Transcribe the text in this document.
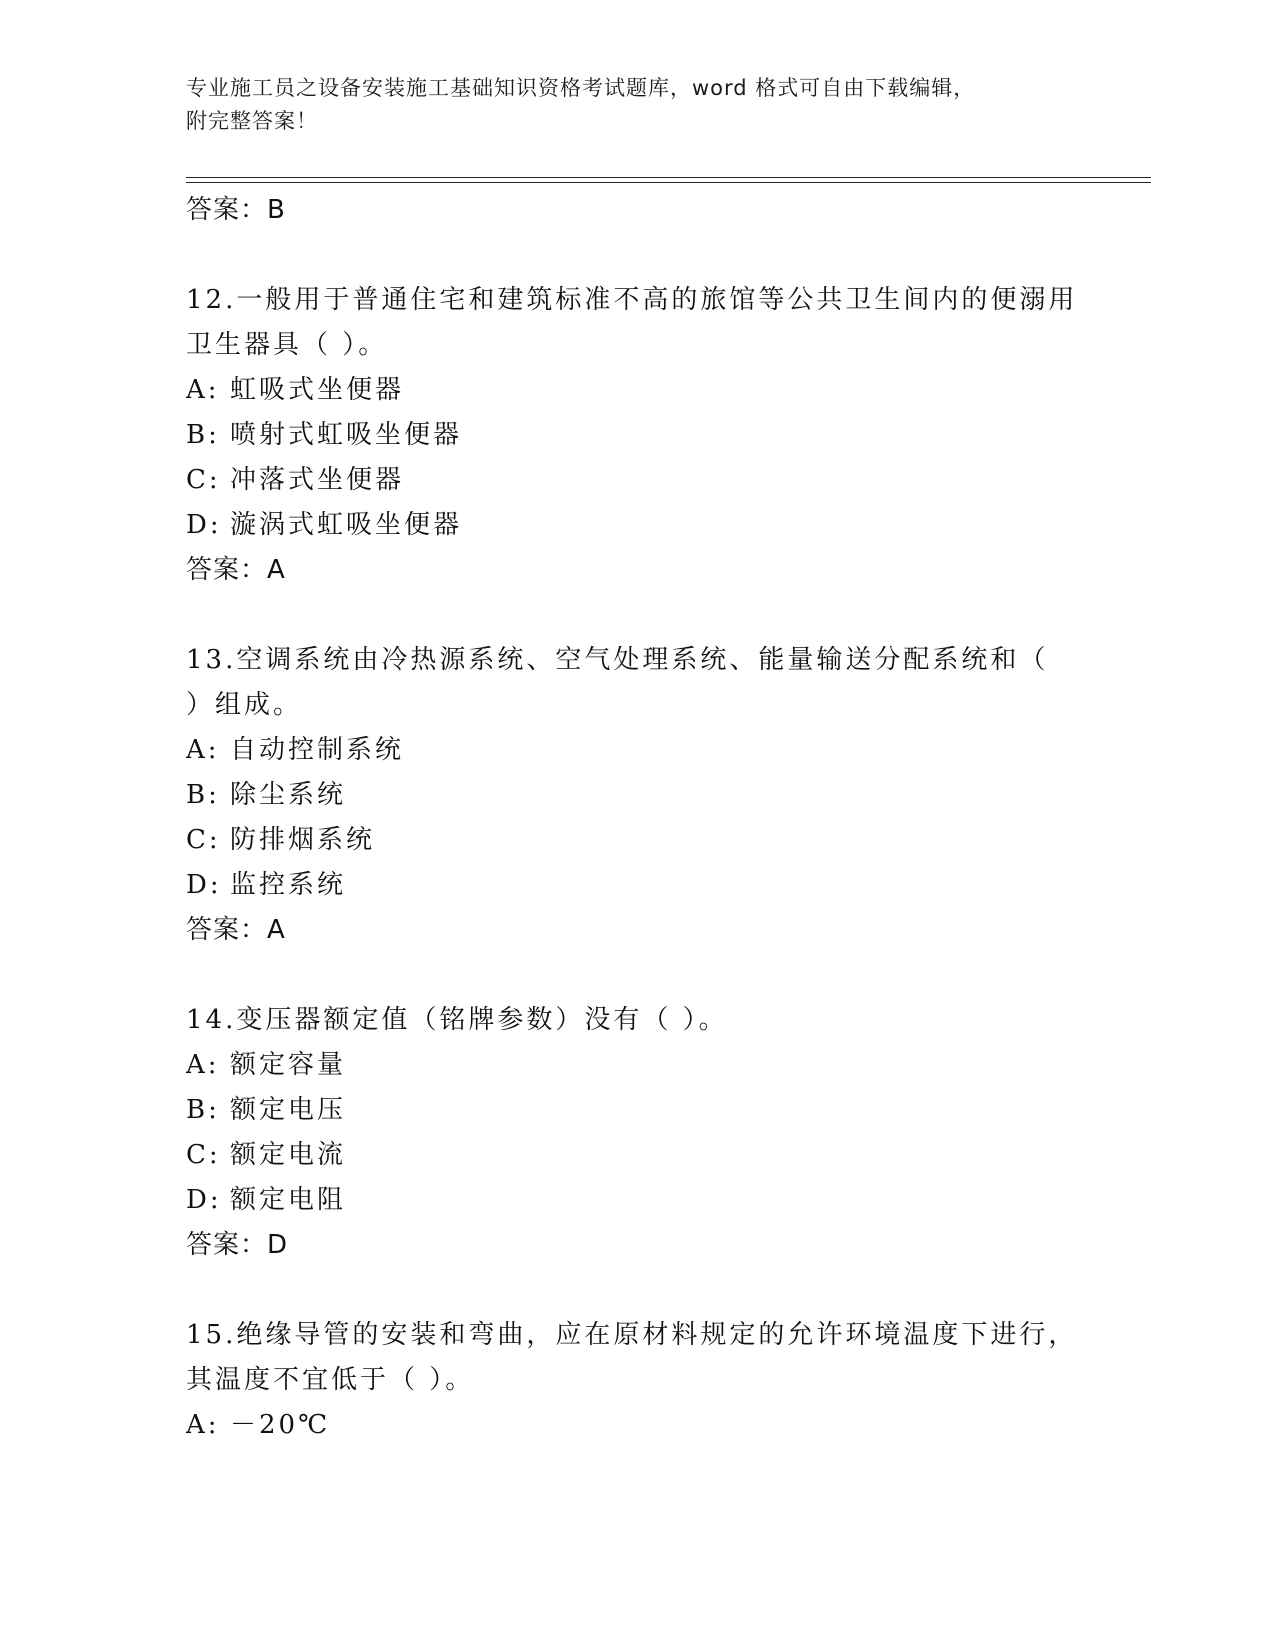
专业施工员之设备安装施工基础知识资格考试题库，word 格式可自由下载编辑，
附完整答案！
答案：B
12.一般用于普通住宅和建筑标准不高的旅馆等公共卫生间内的便溺用
卫生器具（ ）。
A: 虹吸式坐便器
B: 喷射式虹吸坐便器
C: 冲落式坐便器
D: 漩涡式虹吸坐便器
答案：A
13.空调系统由冷热源系统、空气处理系统、能量输送分配系统和（
）组成。
A: 自动控制系统
B: 除尘系统
C: 防排烟系统
D: 监控系统
答案：A
14.变压器额定值（铭牌参数）没有（ ）。
A: 额定容量
B: 额定电压
C: 额定电流
D: 额定电阻
答案：D
15.绝缘导管的安装和弯曲，应在原材料规定的允许环境温度下进行，
其温度不宜低于（ ）。
A: －20℃
